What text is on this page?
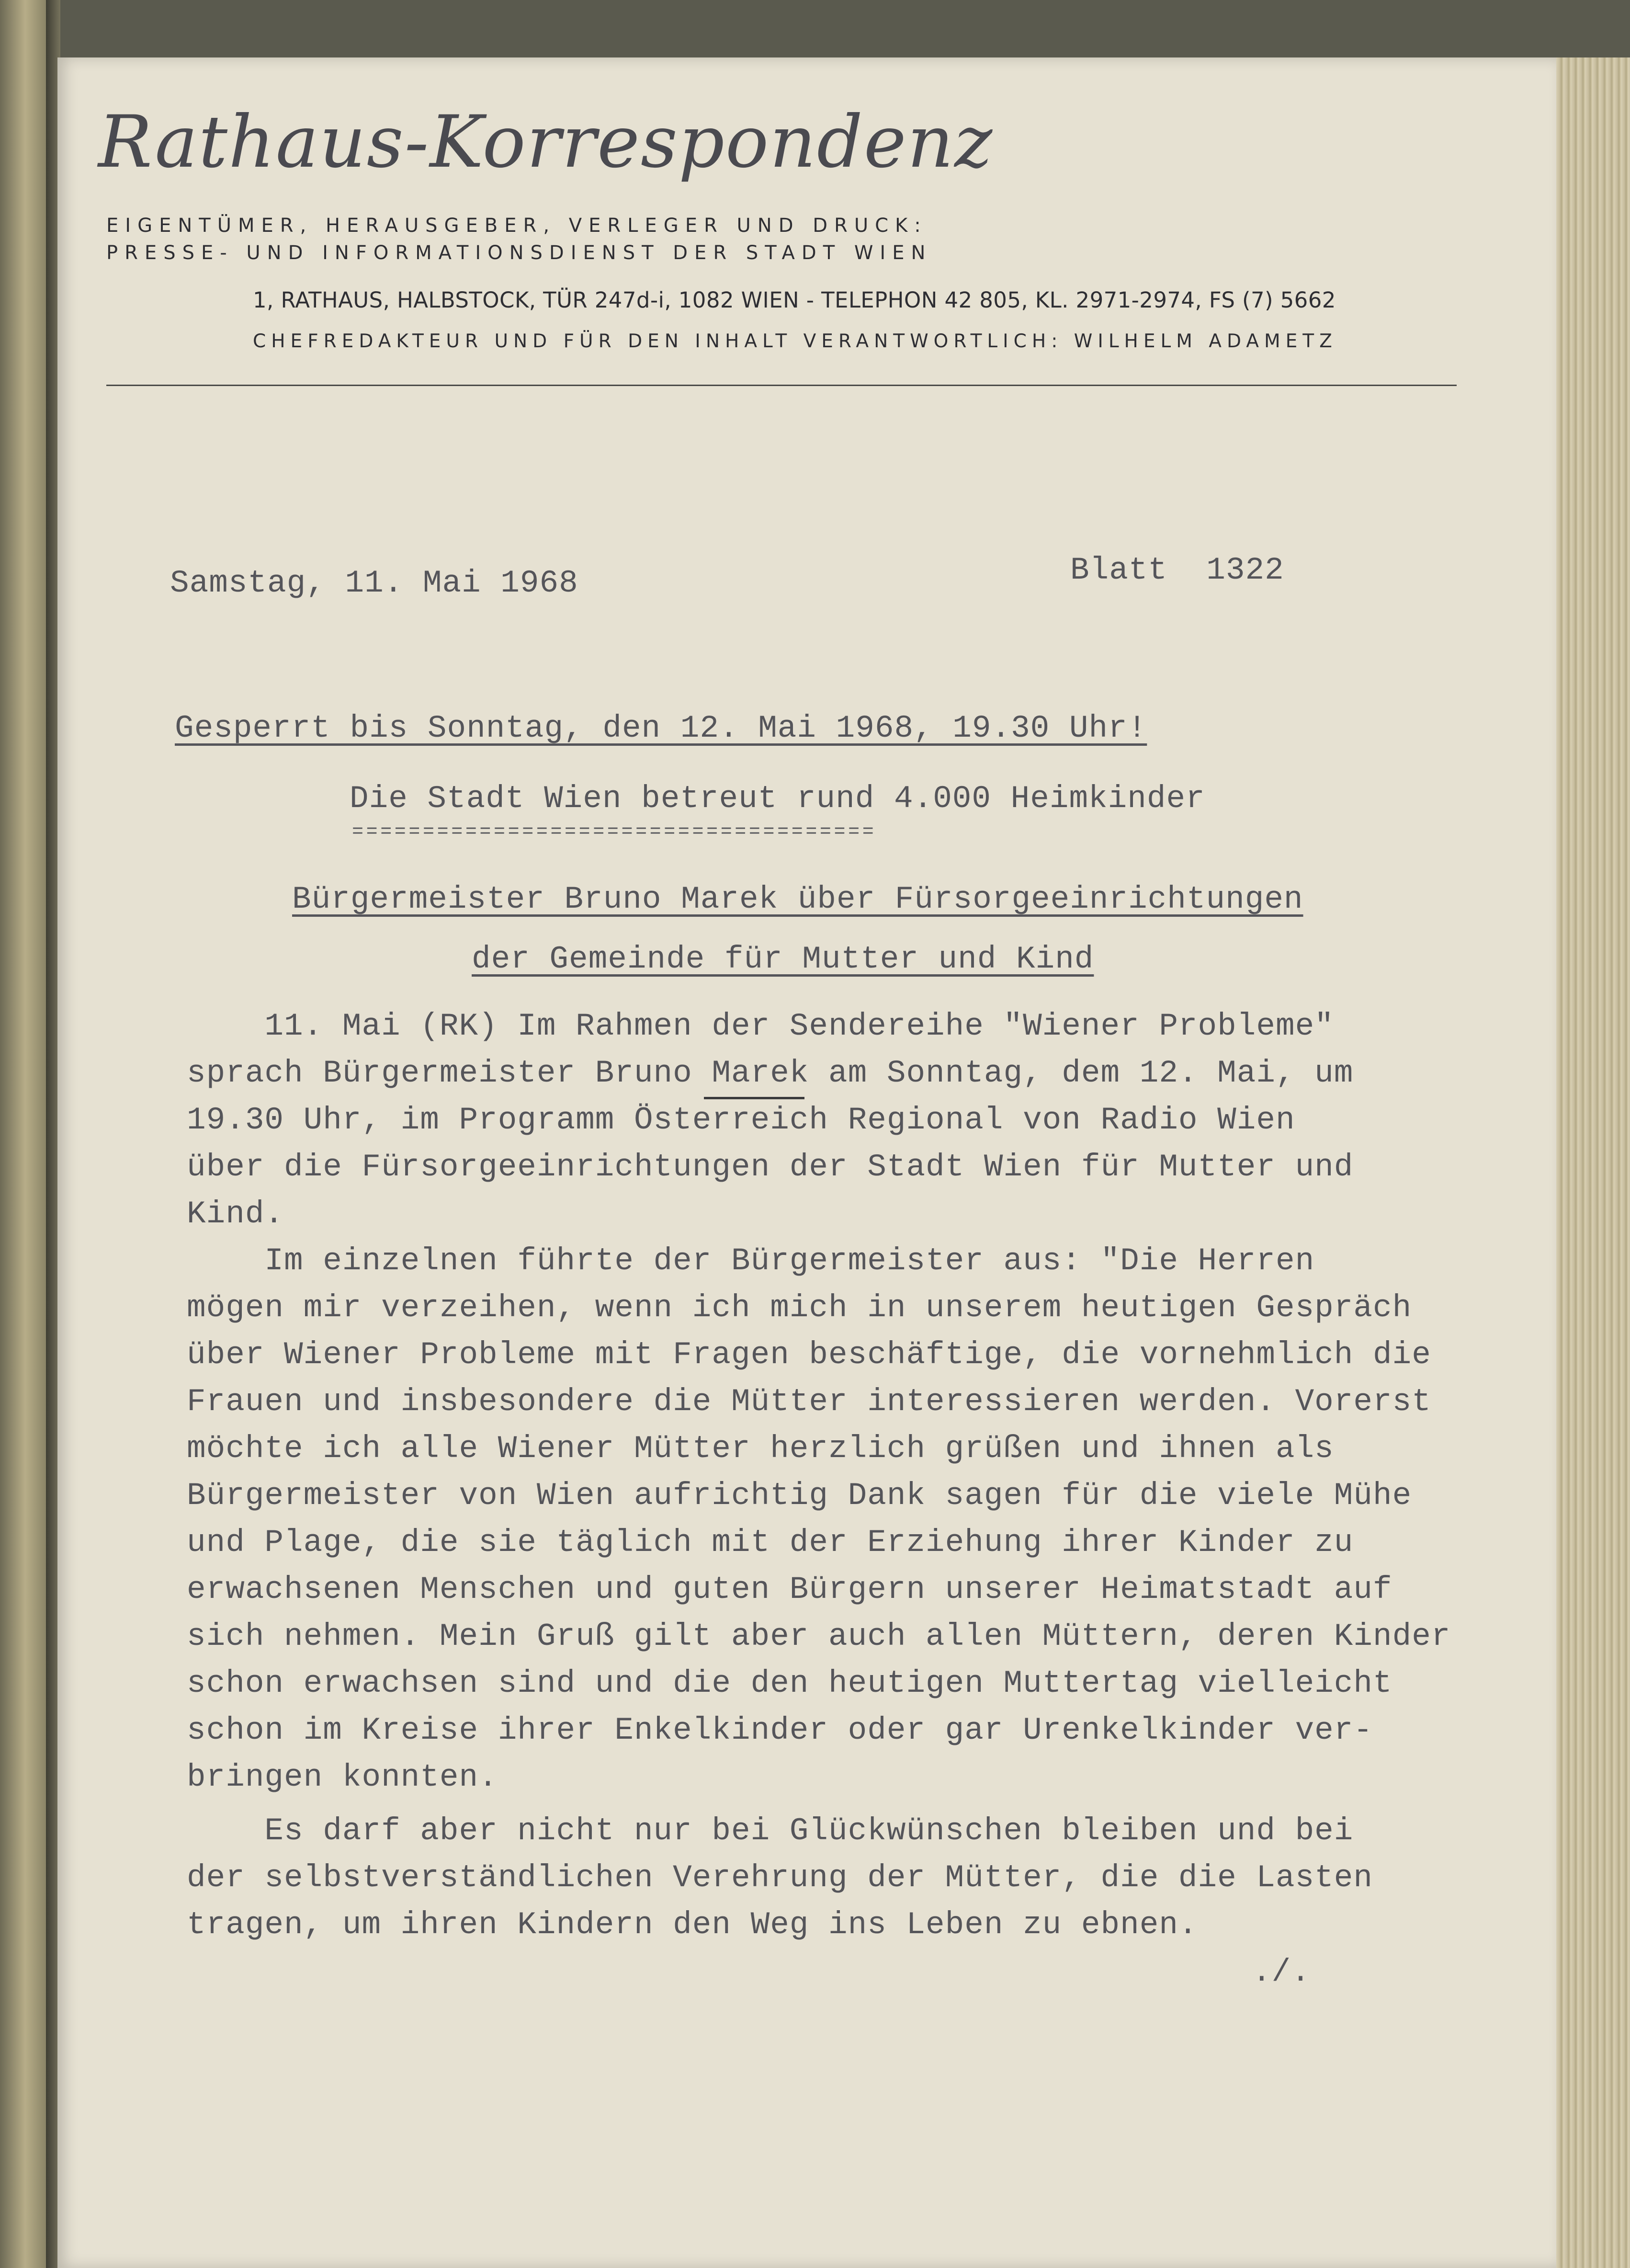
Rathaus-Korrespondenz

EIGENTÜMER, HERAUSGEBER, VERLEGER UND DRUCK:

PRESSE- UND INFORMATIONSDIENST DER STADT WIEN

1, RATHAUS, HALBSTOCK, TÜR 247d-i, 1082 WIEN - TELEPHON 42 805, KL. 2971-2974, FS (7) 5662

CHEFREDAKTEUR UND FÜR DEN INHALT VERANTWORTLICH: WILHELM ADAMETZ

Samstag, 11. Mai 1968	Blatt  1322

Gesperrt bis Sonntag, den 12. Mai 1968, 19.30 Uhr!

Die Stadt Wien betreut rund 4.000 Heimkinder

=====================================

Bürgermeister Bruno Marek über Fürsorgeeinrichtungen

der Gemeinde für Mutter und Kind

11. Mai (RK) Im Rahmen der Sendereihe "Wiener Probleme"

sprach Bürgermeister Bruno Marek am Sonntag, dem 12. Mai, um

19.30 Uhr, im Programm Österreich Regional von Radio Wien

über die Fürsorgeeinrichtungen der Stadt Wien für Mutter und

Kind.

Im einzelnen führte der Bürgermeister aus: "Die Herren

mögen mir verzeihen, wenn ich mich in unserem heutigen Gespräch

über Wiener Probleme mit Fragen beschäftige, die vornehmlich die

Frauen und insbesondere die Mütter interessieren werden. Vorerst

möchte ich alle Wiener Mütter herzlich grüßen und ihnen als

Bürgermeister von Wien aufrichtig Dank sagen für die viele Mühe

und Plage, die sie täglich mit der Erziehung ihrer Kinder zu

erwachsenen Menschen und guten Bürgern unserer Heimatstadt auf

sich nehmen. Mein Gruß gilt aber auch allen Müttern, deren Kinder

schon erwachsen sind und die den heutigen Muttertag vielleicht

schon im Kreise ihrer Enkelkinder oder gar Urenkelkinder ver-

bringen konnten.

Es darf aber nicht nur bei Glückwünschen bleiben und bei

der selbstverständlichen Verehrung der Mütter, die die Lasten

tragen, um ihren Kindern den Weg ins Leben zu ebnen.

./.
